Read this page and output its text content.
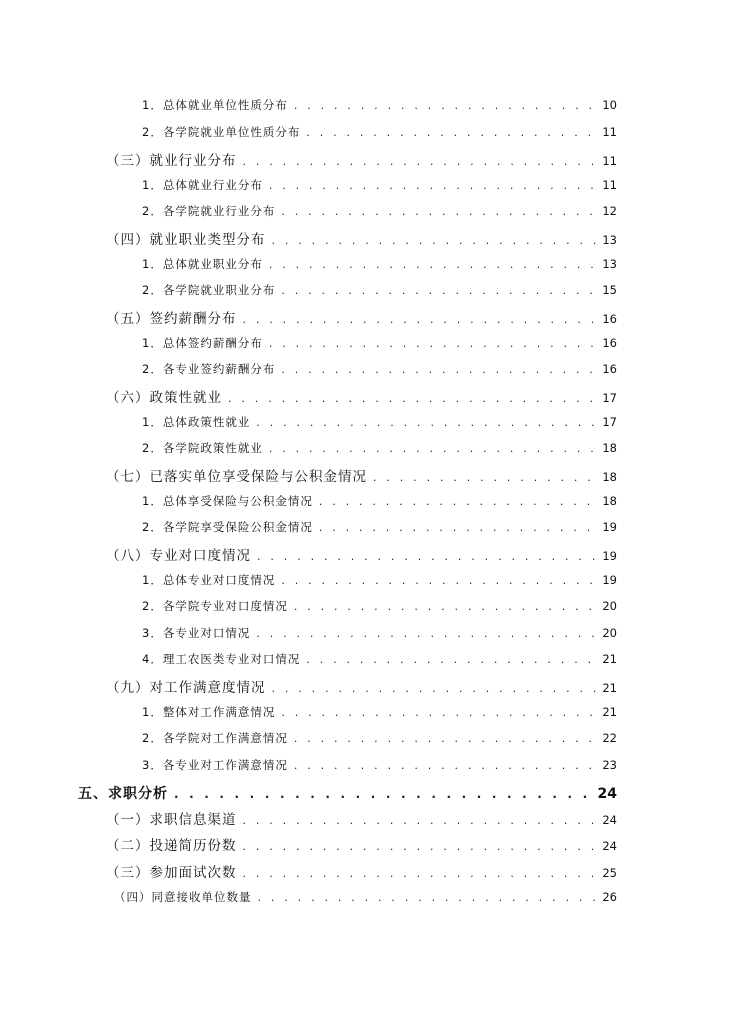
1．总体就业单位性质分布 . . .	10
2．各学院就业单位性质分布 . . .	11
（三）就业行业分布 . . .	11
1．总体就业行业分布 . . .	11
2．各学院就业行业分布 . . .	12
（四）就业职业类型分布 . . .	13
1．总体就业职业分布 . . .	13
2．各学院就业职业分布 . . .	15
（五）签约薪酬分布 . . .	16
1．总体签约薪酬分布 . . .	16
2．各专业签约薪酬分布 . . .	16
（六）政策性就业 . . .	17
1．总体政策性就业 . . .	17
2．各学院政策性就业 . . .	18
（七）已落实单位享受保险与公积金情况 . . .	18
1．总体享受保险与公积金情况 . . .	18
2．各学院享受保险公积金情况 . . .	19
（八）专业对口度情况 . . .	19
1．总体专业对口度情况 . . .	19
2．各学院专业对口度情况 . . .	20
3．各专业对口情况 . . .	20
4．理工农医类专业对口情况 . . .	21
（九）对工作满意度情况 . . .	21
1．整体对工作满意情况 . . .	21
2．各学院对工作满意情况 . . .	22
3．各专业对工作满意情况 . . .	23
五、求职分析 . . .	24
（一）求职信息渠道 . . .	24
（二）投递简历份数 . . .	24
（三）参加面试次数 . . .	25
（四）同意接收单位数量 . . .	26
